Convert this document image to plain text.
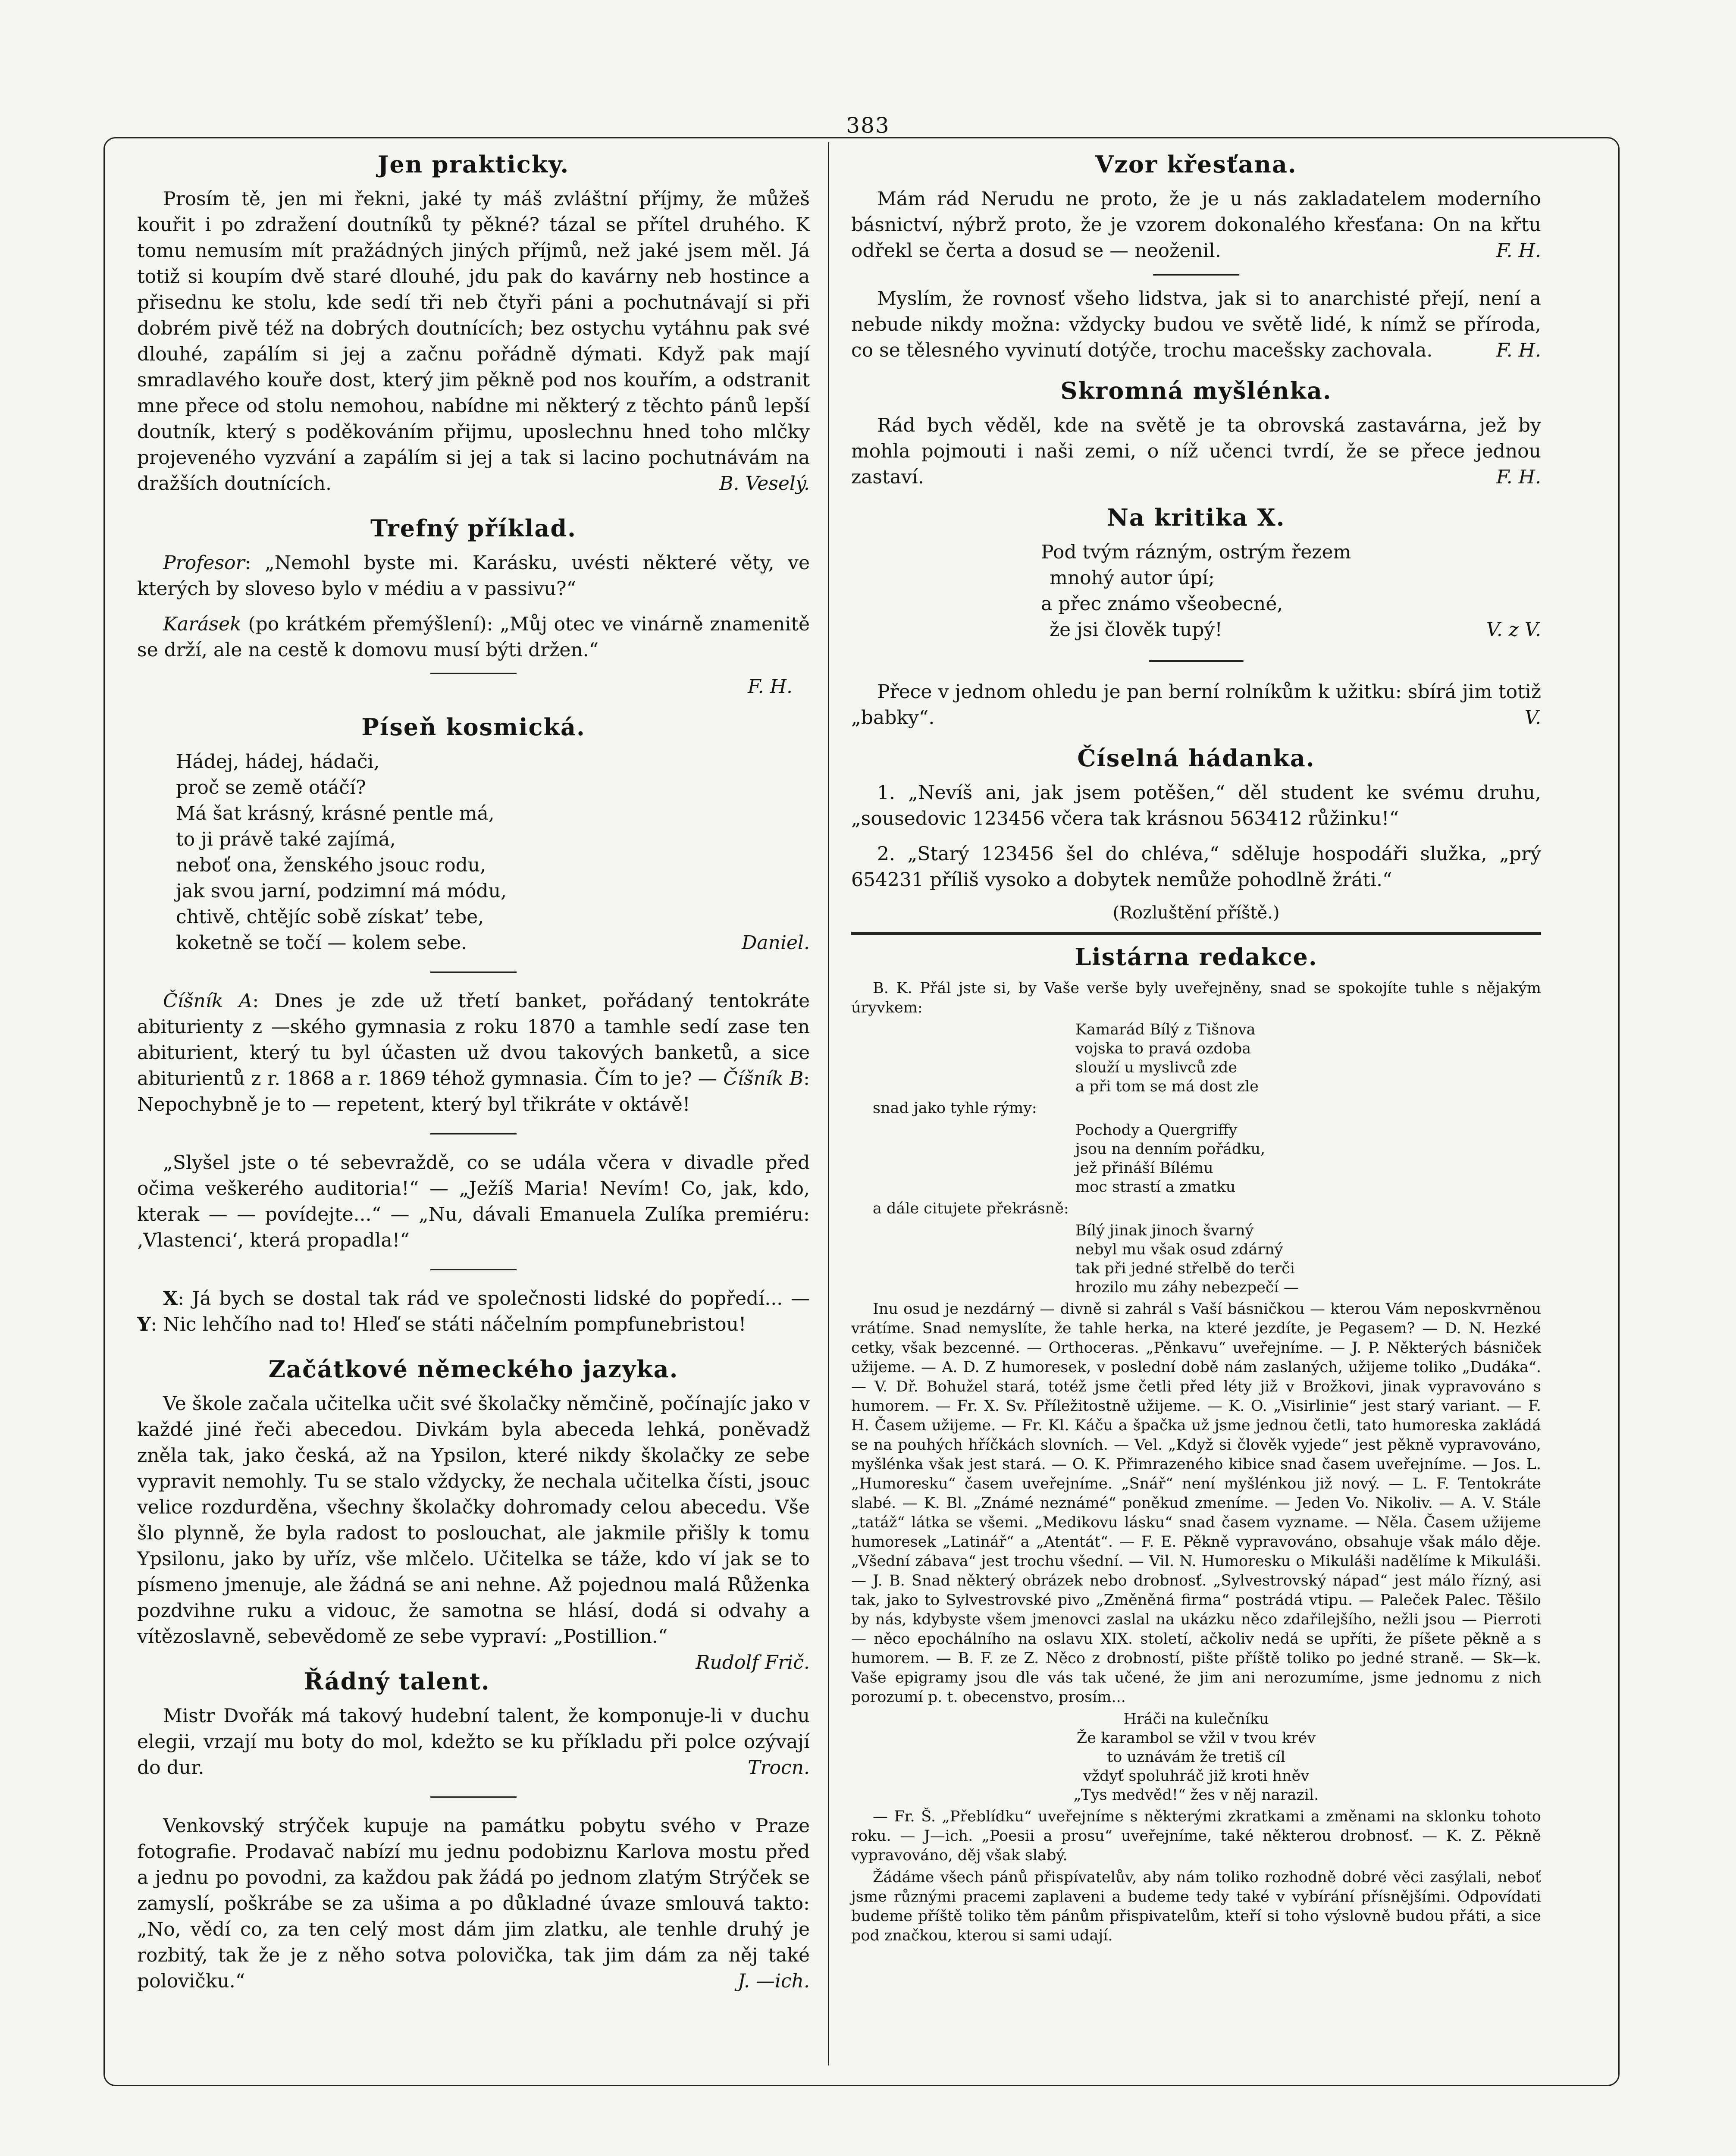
383
Jen prakticky.

Prosím tě, jen mi řekni, jaké ty máš zvláštní příjmy, že můžeš kouřit i po zdražení doutníků ty pěkné? tázal se přítel druhého. K tomu nemusím mít pražádných jiných příjmů, než jaké jsem měl. Já totiž si koupím dvě staré dlouhé, jdu pak do kavárny neb hostince a přisednu ke stolu, kde sedí tři neb čtyři páni a pochutnávají si při dobrém pivě též na dobrých doutnících; bez ostychu vytáhnu pak své dlouhé, zapálím si jej a začnu pořádně dýmati. Když pak mají smradlavého kouře dost, který jim pěkně pod nos kouřím, a odstranit mne přece od stolu nemohou, nabídne mi některý z těchto pánů lepší doutník, který s poděkováním přijmu, uposlechnu hned toho mlčky projeveného vyzvání a zapálím si jej a tak si lacino pochutnávám na dražších doutnících.	B. Veselý.

Trefný příklad.

Profesor: „Nemohl byste mi. Karásku, uvésti některé věty, ve kterých by sloveso bylo v médiu a v passivu?“

Karásek (po krátkém přemýšlení): „Můj otec ve vinárně znamenitě se drží, ale na cestě k domovu musí býti držen.“

F. H.
Píseň kosmická.
Hádej, hádej, hádači,
proč se země otáčí?
Má šat krásný, krásné pentle má,
to ji právě také zajímá,
neboť ona, ženského jsouc rodu,
jak svou jarní, podzimní má módu,
chtivě, chtějíc sobě získat’ tebe,
koketně se točí — kolem sebe.	Daniel.

Číšník A: Dnes je zde už třetí banket, pořádaný tentokráte abiturienty z —ského gymnasia z roku 1870 a tamhle sedí zase ten abiturient, který tu byl účasten už dvou takových banketů, a sice abiturientů z r. 1868 a r. 1869 téhož gymnasia. Čím to je? — Číšník B: Nepochybně je to — repetent, který byl třikráte v oktávě!

„Slyšel jste o té sebevraždě, co se udála včera v divadle před očima veškerého auditoria!“ — „Ježíš Maria! Nevím! Co, jak, kdo, kterak — — povídejte...“ — „Nu, dávali Emanuela Zulíka premiéru: ‚Vlastenci‘, která propadla!“

X: Já bych se dostal tak rád ve společnosti lidské do popředí... — Y: Nic lehčího nad to! Hleď se státi náčelním pompfunebristou!

Začátkové německého jazyka.

Ve škole začala učitelka učit své školačky němčině, počínajíc jako v každé jiné řeči abecedou. Divkám byla abeceda lehká, poněvadž zněla tak, jako česká, až na Ypsilon, které nikdy školačky ze sebe vypravit nemohly. Tu se stalo vždycky, že nechala učitelka čísti, jsouc velice rozdurděna, všechny školačky dohromady celou abecedu. Vše šlo plynně, že byla radost to poslouchat, ale jakmile přišly k tomu Ypsilonu, jako by uříz, vše mlčelo. Učitelka se táže, kdo ví jak se to písmeno jmenuje, ale žádná se ani nehne. Až pojednou malá Růženka pozdvihne ruku a vidouc, že samotna se hlásí, dodá si odvahy a vítězoslavně, sebevědomě ze sebe vypraví: „Postillion.“
Rudolf Frič.

Řádný talent.

Mistr Dvořák má takový hudební talent, že komponuje-li v duchu elegii, vrzají mu boty do mol, kdežto se ku příkladu při polce ozývají do dur.	Trocn.

Venkovský strýček kupuje na památku pobytu svého v Praze fotografie. Prodavač nabízí mu jednu podobiznu Karlova mostu před a jednu po povodni, za každou pak žádá po jednom zlatým Strýček se zamyslí, poškrábe se za ušima a po důkladné úvaze smlouvá takto: „No, vědí co, za ten celý most dám jim zlatku, ale tenhle druhý je rozbitý, tak že je z něho sotva polovička, tak jim dám za něj také polovičku.“	J. —ich.

Vzor křesťana.

Mám rád Nerudu ne proto, že je u nás zakladatelem moderního básnictví, nýbrž proto, že je vzorem dokonalého křesťana: On na křtu odřekl se čerta a dosud se — neoženil.	F. H.

Myslím, že rovnosť všeho lidstva, jak si to anarchisté přejí, není a nebude nikdy možna: vždycky budou ve světě lidé, k nímž se příroda, co se tělesného vyvinutí dotýče, trochu macešsky zachovala.	F. H.

Skromná myšlénka.

Rád bych věděl, kde na světě je ta obrovská zastavárna, jež by mohla pojmouti i naši zemi, o níž učenci tvrdí, že se přece jednou zastaví.	F. H.

Na kritika X.
Pod tvým rázným, ostrým řezem
mnohý autor úpí;
a přec známo všeobecné,
že jsi člověk tupý!	V. z V.

Přece v jednom ohledu je pan berní rolníkům k užitku: sbírá jim totiž „babky“.	V.

Číselná hádanka.

1. „Nevíš ani, jak jsem potěšen,“ děl student ke svému druhu, „sousedovic 123456 včera tak krásnou 563412 růžinku!“

2. „Starý 123456 šel do chléva,“ sděluje hospodáři služka, „prý 654231 příliš vysoko a dobytek nemůže pohodlně žráti.“

(Rozluštění příště.)
Listárna redakce.

B. K. Přál jste si, by Vaše verše byly uveřejněny, snad se spokojíte tuhle s nějakým úryvkem:

Kamarád Bílý z Tišnova
vojska to pravá ozdoba
slouží u myslivců zde
a při tom se má dost zle

snad jako tyhle rýmy:

Pochody a Quergriffy
jsou na denním pořádku,
jež přináší Bílému
moc strastí a zmatku

a dále citujete překrásně:

Bílý jinak jinoch švarný
nebyl mu však osud zdárný
tak při jedné střelbě do terči
hrozilo mu záhy nebezpečí —

Inu osud je nezdárný — divně si zahrál s Vaší básničkou — kterou Vám neposkvrněnou vrátíme. Snad nemyslíte, že tahle herka, na které jezdíte, je Pegasem? — D. N. Hezké cetky, však bezcenné. — Orthoceras. „Pěnkavu“ uveřejníme. — J. P. Některých básniček užijeme. — A. D. Z humoresek, v poslední době nám zaslaných, užijeme toliko „Dudáka“. — V. Dř. Bohužel stará, totéž jsme četli před léty již v Brožkovi, jinak vypravováno s humorem. — Fr. X. Sv. Příležitostně užijeme. — K. O. „Visirlinie“ jest starý variant. — F. H. Časem užijeme. — Fr. Kl. Káču a špačka už jsme jednou četli, tato humoreska zakládá se na pouhých hříčkách slovních. — Vel. „Když si člověk vyjede“ jest pěkně vypravováno, myšlénka však jest stará. — O. K. Přimrazeného kibice snad časem uveřejníme. — Jos. L. „Humoresku“ časem uveřejníme. „Snář“ není myšlénkou již nový. — L. F. Tentokráte slabé. — K. Bl. „Známé neznámé“ poněkud zmeníme. — Jeden Vo. Nikoliv. — A. V. Stále „tatáž“ látka se všemi. „Medikovu lásku“ snad časem vyzname. — Něla. Časem užijeme humoresek „Latinář“ a „Atentát“. — F. E. Pěkně vypravováno, obsahuje však málo děje. „Všední zábava“ jest trochu všední. — Vil. N. Humoresku o Mikuláši nadělíme k Mikuláši. — J. B. Snad některý obrázek nebo drobnosť. „Sylvestrovský nápad“ jest málo řízný, asi tak, jako to Sylvestrovské pivo „Změněná firma“ postrádá vtipu. — Paleček Palec. Těšilo by nás, kdybyste všem jmenovci zaslal na ukázku něco zdařilejšího, nežli jsou — Pierroti — něco epochálního na oslavu XIX. století, ačkoliv nedá se upříti, že píšete pěkně a s humorem. — B. F. ze Z. Něco z drobností, pište příště toliko po jedné straně. — Sk—k. Vaše epigramy jsou dle vás tak učené, že jim ani nerozumíme, jsme jednomu z nich porozumí p. t. obecenstvo, prosím...

Hráči na kulečníku
Že karambol se vžil v tvou krév
to uznávám že tretiš cíl
vždyť spoluhráč již kroti hněv
„Tys medvěd!“ žes v něj narazil.

— Fr. Š. „Přeblídku“ uveřejníme s některými zkratkami a změnami na sklonku tohoto roku. — J—ich. „Poesii a prosu“ uveřejníme, také některou drobnosť. — K. Z. Pěkně vypravováno, děj však slabý.

Žádáme všech pánů přispívatelův, aby nám toliko rozhodně dobré věci zasýlali, neboť jsme různými pracemi zaplaveni a budeme tedy také v vybírání přísnějšími. Odpovídati budeme příště toliko těm pánům přispivatelům, kteří si toho výslovně budou přáti, a sice pod značkou, kterou si sami udají.
